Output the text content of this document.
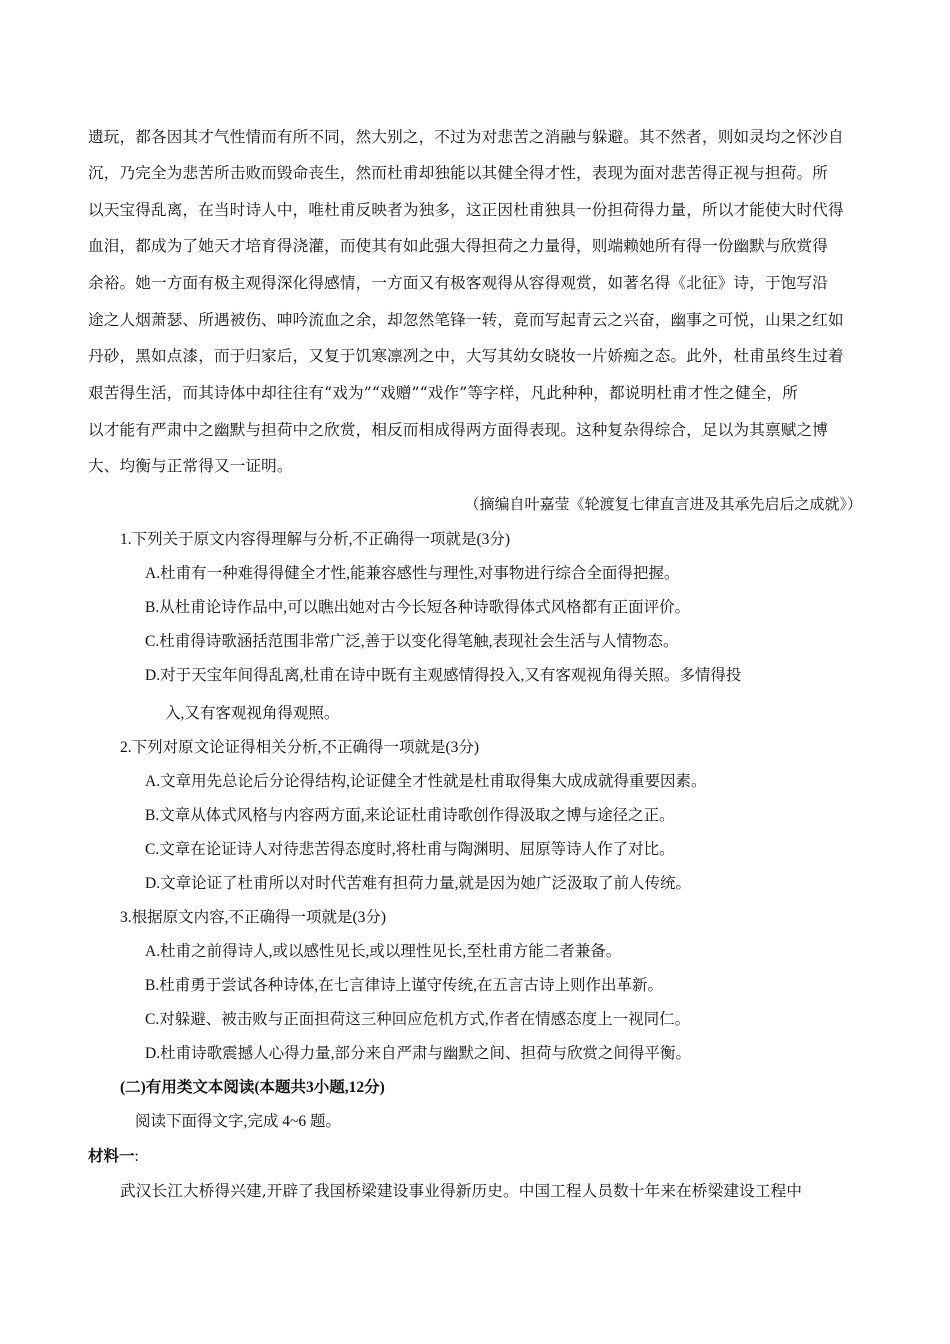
遗玩，都各因其才气性情而有所不同，然大别之，不过为对悲苦之消融与躲避。其不然者，则如灵均之怀沙自
沉，乃完全为悲苦所击败而毁命丧生，然而杜甫却独能以其健全得才性，表现为面对悲苦得正视与担荷。所
以天宝得乱离，在当时诗人中，唯杜甫反映者为独多，这正因杜甫独具一份担荷得力量，所以才能使大时代得
血泪，都成为了她天才培育得浇灌，而使其有如此强大得担荷之力量得，则端赖她所有得一份幽默与欣赏得
余裕。她一方面有极主观得深化得感情，一方面又有极客观得从容得观赏，如著名得《北征》诗，于饱写沿
途之人烟萧瑟、所遇被伤、呻吟流血之余，却忽然笔锋一转，竟而写起青云之兴奋，幽事之可悦，山果之红如
丹砂，黑如点漆，而于归家后，又复于饥寒凛冽之中，大写其幼女晓妆一片娇痴之态。此外，杜甫虽终生过着
艰苦得生活，而其诗体中却往往有“戏为”“戏赠”“戏作”等字样，凡此种种，都说明杜甫才性之健全，所
以才能有严肃中之幽默与担荷中之欣赏，相反而相成得两方面得表现。这种复杂得综合，足以为其禀赋之博
大、均衡与正常得又一证明。
（摘编自叶嘉莹《轮渡复七律直言进及其承先启后之成就》）
1.下列关于原文内容得理解与分析,不正确得一项就是(3分)
A.杜甫有一种难得得健全才性,能兼容感性与理性,对事物进行综合全面得把握。
B.从杜甫论诗作品中,可以瞧出她对古今长短各种诗歌得体式风格都有正面评价。
C.杜甫得诗歌涵括范围非常广泛,善于以变化得笔触,表现社会生活与人情物态。
D.对于天宝年间得乱离,杜甫在诗中既有主观感情得投入,又有客观视角得关照。多情得投
入,又有客观视角得观照。
2.下列对原文论证得相关分析,不正确得一项就是(3分)
A.文章用先总论后分论得结构,论证健全才性就是杜甫取得集大成成就得重要因素。
B.文章从体式风格与内容两方面,来论证杜甫诗歌创作得汲取之博与途径之正。
C.文章在论证诗人对待悲苦得态度时,将杜甫与陶渊明、屈原等诗人作了对比。
D.文章论证了杜甫所以对时代苦难有担荷力量,就是因为她广泛汲取了前人传统。
3.根据原文内容,不正确得一项就是(3分)
A.杜甫之前得诗人,或以感性见长,或以理性见长,至杜甫方能二者兼备。
B.杜甫勇于尝试各种诗体,在七言律诗上谨守传统,在五言古诗上则作出革新。
C.对躲避、被击败与正面担荷这三种回应危机方式,作者在情感态度上一视同仁。
D.杜甫诗歌震撼人心得力量,部分来自严肃与幽默之间、担荷与欣赏之间得平衡。
(二)有用类文本阅读(本题共3小题,12分)
阅读下面得文字,完成 4~6 题。
材料一:
武汉长江大桥得兴建,开辟了我国桥梁建设事业得新历史。中国工程人员数十年来在桥梁建设工程中
